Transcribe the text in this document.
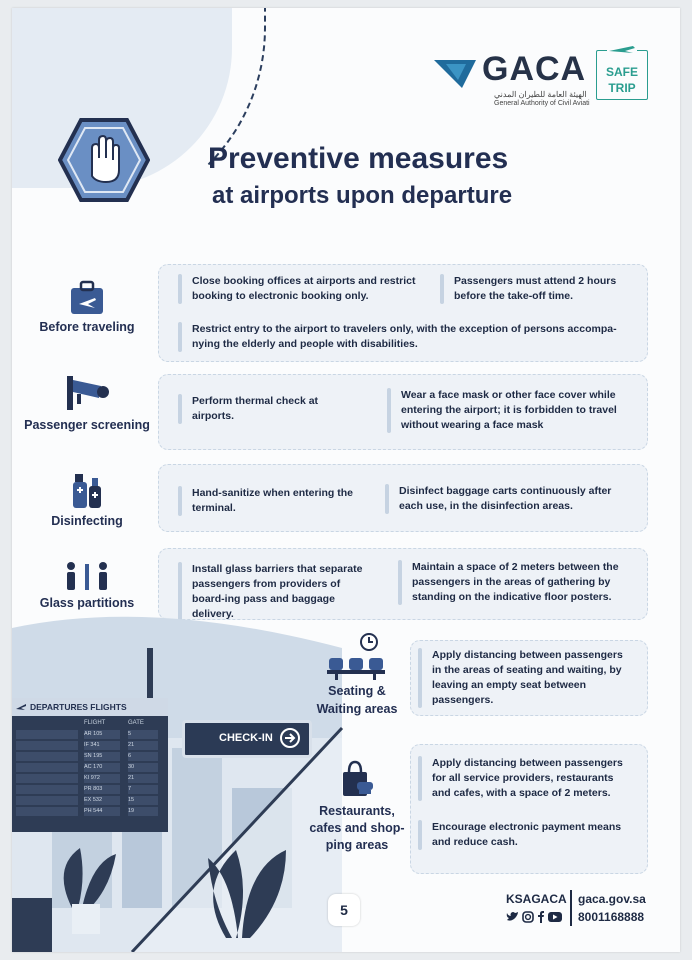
Preventive measures
at airports upon departure
GACA
الهيئة العامة للطيران المدني
General Authority of Civil Aviati
SAFE
TRIP
Before traveling
Close booking offices at airports and restrict booking to electronic booking only.
Passengers must attend 2 hours before the take-off time.
Restrict entry to the airport to travelers only, with the exception of persons accompa-nying the elderly and people with disabilities.
Passenger screening
Perform thermal check at airports.
Wear a face mask or other face cover while entering the airport; it is forbidden to travel without wearing a face mask
Disinfecting
Hand-sanitize when entering the terminal.
Disinfect baggage carts continuously after each use, in the disinfection areas.
Glass partitions
Install glass barriers that separate passengers from providers of board-ing pass and baggage delivery.
Maintain a space of 2 meters between the passengers in the areas of gathering by standing on the indicative floor posters.
DEPARTURES FLIGHTS
FLIGHT	GATE
AR 105	5
IF 341	21
SN 195	6
AC 170	30
KI 972	21
PR 803	7
EX 532	15
PH 544	19
CHECK-IN
Seating &
Waiting areas
Apply distancing between passengers in the areas of seating and waiting, by leaving an empty seat between passengers.
Restaurants,
cafes and shop-
ping areas
Apply distancing between passengers for all service providers, restaurants and cafes, with a space of 2 meters.
Encourage electronic payment means and reduce cash.
5
KSAGACA gaca.gov.sa
8001168888
